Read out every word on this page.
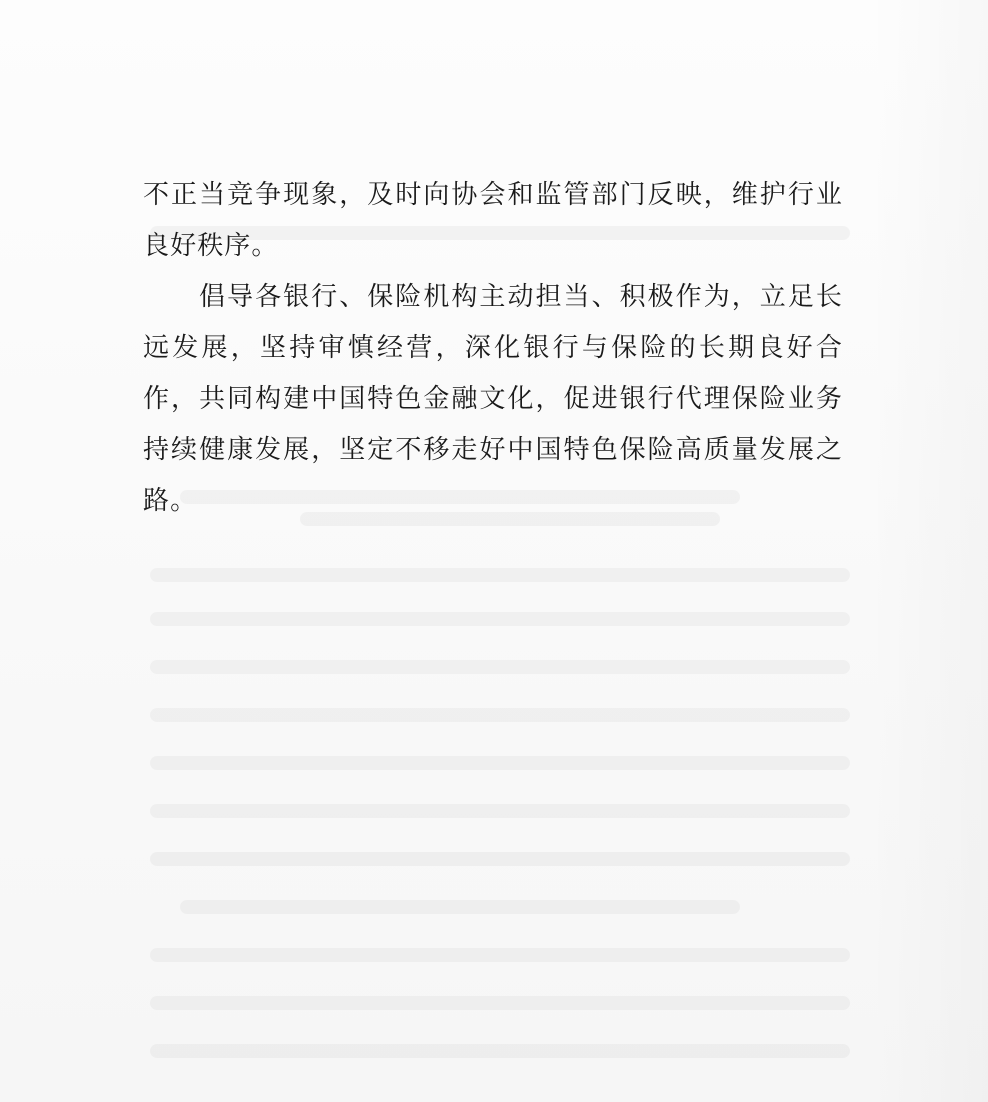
不正当竞争现象，及时向协会和监管部门反映，维护行业良好秩序。

倡导各银行、保险机构主动担当、积极作为，立足长远发展，坚持审慎经营，深化银行与保险的长期良好合作，共同构建中国特色金融文化，促进银行代理保险业务持续健康发展，坚定不移走好中国特色保险高质量发展之路。
